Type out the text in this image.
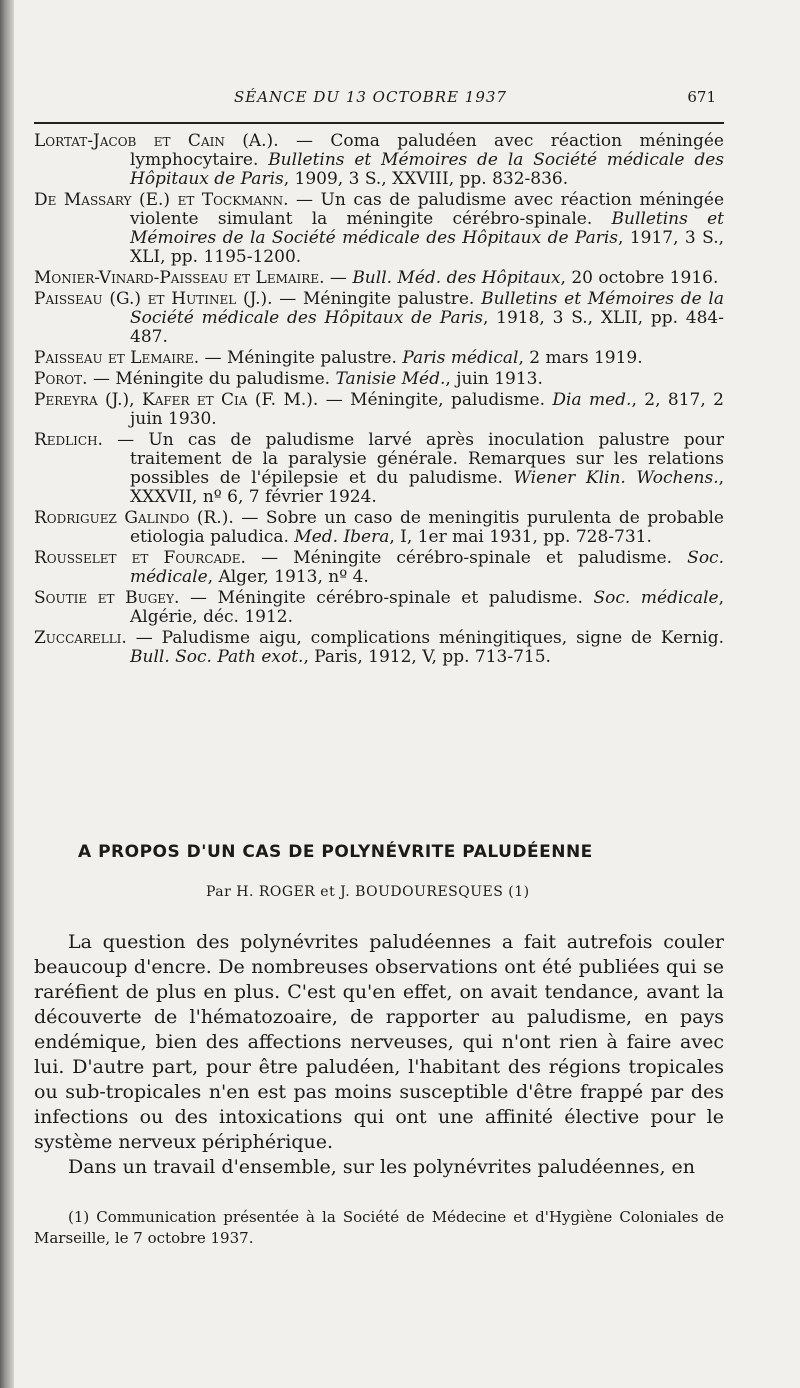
SÉANCE DU 13 OCTOBRE 1937	671

Lortat-Jacob et Cain (A.). — Coma paludéen avec réaction méningée lymphocytaire. Bulletins et Mémoires de la Société médicale des Hôpitaux de Paris, 1909, 3 S., XXVIII, pp. 832-836.

De Massary (E.) et Tockmann. — Un cas de paludisme avec réaction méningée violente simulant la méningite cérébro-spinale. Bulletins et Mémoires de la Société médicale des Hôpitaux de Paris, 1917, 3 S., XLI, pp. 1195-1200.

Monier-Vinard-Paisseau et Lemaire. — Bull. Méd. des Hôpitaux, 20 octobre 1916.

Paisseau (G.) et Hutinel (J.). — Méningite palustre. Bulletins et Mémoires de la Société médicale des Hôpitaux de Paris, 1918, 3 S., XLII, pp. 484-487.

Paisseau et Lemaire. — Méningite palustre. Paris médical, 2 mars 1919.

Porot. — Méningite du paludisme. Tanisie Méd., juin 1913.

Pereyra (J.), Kafer et Cia (F. M.). — Méningite, paludisme. Dia med., 2, 817, 2 juin 1930.

Redlich. — Un cas de paludisme larvé après inoculation palustre pour traitement de la paralysie générale. Remarques sur les relations possibles de l'épilepsie et du paludisme. Wiener Klin. Wochens., XXXVII, nº 6, 7 février 1924.

Rodriguez Galindo (R.). — Sobre un caso de meningitis purulenta de probable etiologia paludica. Med. Ibera, I, 1er mai 1931, pp. 728-731.

Rousselet et Fourcade. — Méningite cérébro-spinale et paludisme. Soc. médicale, Alger, 1913, nº 4.

Soutie et Bugey. — Méningite cérébro-spinale et paludisme. Soc. médicale, Algérie, déc. 1912.

Zuccarelli. — Paludisme aigu, complications méningitiques, signe de Kernig. Bull. Soc. Path exot., Paris, 1912, V, pp. 713-715.

A PROPOS D'UN CAS DE POLYNÉVRITE PALUDÉENNE
Par H. ROGER et J. BOUDOURESQUES (1)

La question des polynévrites paludéennes a fait autrefois couler beaucoup d'encre. De nombreuses observations ont été publiées qui se raréfient de plus en plus. C'est qu'en effet, on avait tendance, avant la découverte de l'hématozoaire, de rapporter au paludisme, en pays endémique, bien des affections nerveuses, qui n'ont rien à faire avec lui. D'autre part, pour être paludéen, l'habitant des régions tropicales ou sub-tropicales n'en est pas moins susceptible d'être frappé par des infections ou des intoxications qui ont une affinité élective pour le système nerveux périphérique.

Dans un travail d'ensemble, sur les polynévrites paludéennes, en

(1) Communication présentée à la Société de Médecine et d'Hygiène Coloniales de Marseille, le 7 octobre 1937.
